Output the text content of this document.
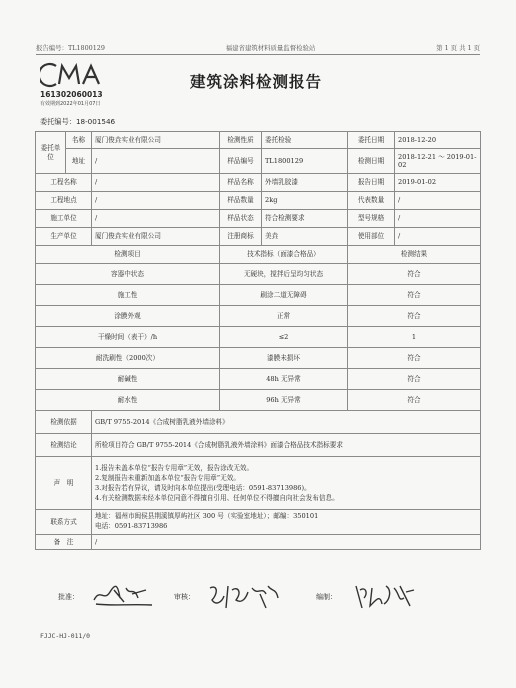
报告编号：TL1800129	福建省建筑材料质量监督检验站	第 1 页 共 1 页
161302060013
有效期到2022年01月07日
建筑涂料检测报告
委托编号：18-001546
委托单位	名称	厦门俊垚实业有限公司	检测性质	委托检验	委托日期	2018-12-20
	地址	/	样品编号	TL1800129	检测日期	2018-12-21 ～ 2019-01-02
工程名称		/	样品名称	外墙乳胶漆	报告日期	2019-01-02
工程地点		/	样品数量	2kg	代表数量	/
施工单位		/	样品状态	符合检测要求	型号规格	/
生产单位		厦门俊垚实业有限公司	注册商标	美垚	使用部位	/
检测项目			技术指标（面漆合格品）		检测结果	
容器中状态			无硬块，搅拌后呈均匀状态		符合	
施工性			刷涂二道无障碍		符合	
涂膜外观			正常		符合	
干燥时间（表干）/h			≤2		1	
耐洗刷性（2000次）			漆膜未损坏		符合	
耐碱性			48h 无异常		符合	
耐水性			96h 无异常		符合	
检测依据		GB/T 9755-2014《合成树脂乳液外墙涂料》				
检测结论		所检项目符合 GB/T 9755-2014《合成树脂乳液外墙涂料》面漆合格品技术指标要求				
声　明		1.报告未盖本单位“报告专用章”无效，报告涂改无效。
2.复制报告未重新加盖本单位“报告专用章”无效。
3.对报告若有异议，请及时向本单位提出(受理电话：0591-83713986)。
4.有关检测数据未经本单位同意不得擅自引用、任何单位不得擅自向社会发布信息。				

联系方式		地址：福州市闽侯县荆溪镇厚屿社区 300 号（实验室地址）；邮编：350101
电话：0591-83713986				

备　注		/				
批准：	审核：	编制：
FJJC-HJ-011/0
